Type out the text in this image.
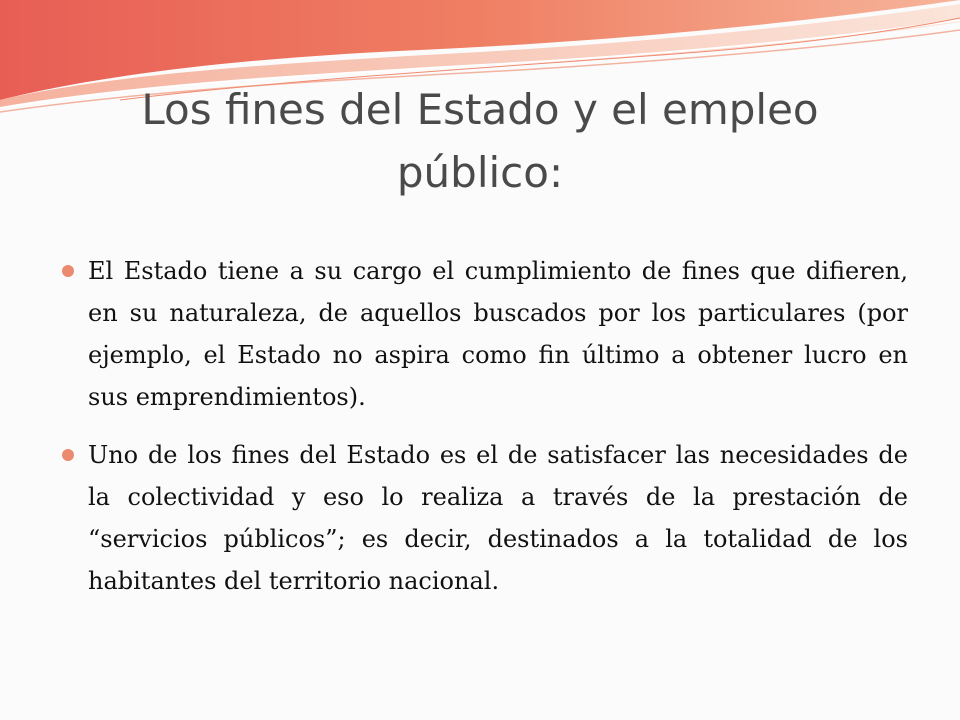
Los fines del Estado y el empleo público:
El Estado tiene a su cargo el cumplimiento de fines que difieren, en su naturaleza, de aquellos buscados por los particulares (por ejemplo, el Estado no aspira como fin último a obtener lucro en sus emprendimientos).
Uno de los fines del Estado es el de satisfacer las necesidades de la colectividad y eso lo realiza a través de la prestación de “servicios públicos”; es decir, destinados a la totalidad de los habitantes del territorio nacional.
